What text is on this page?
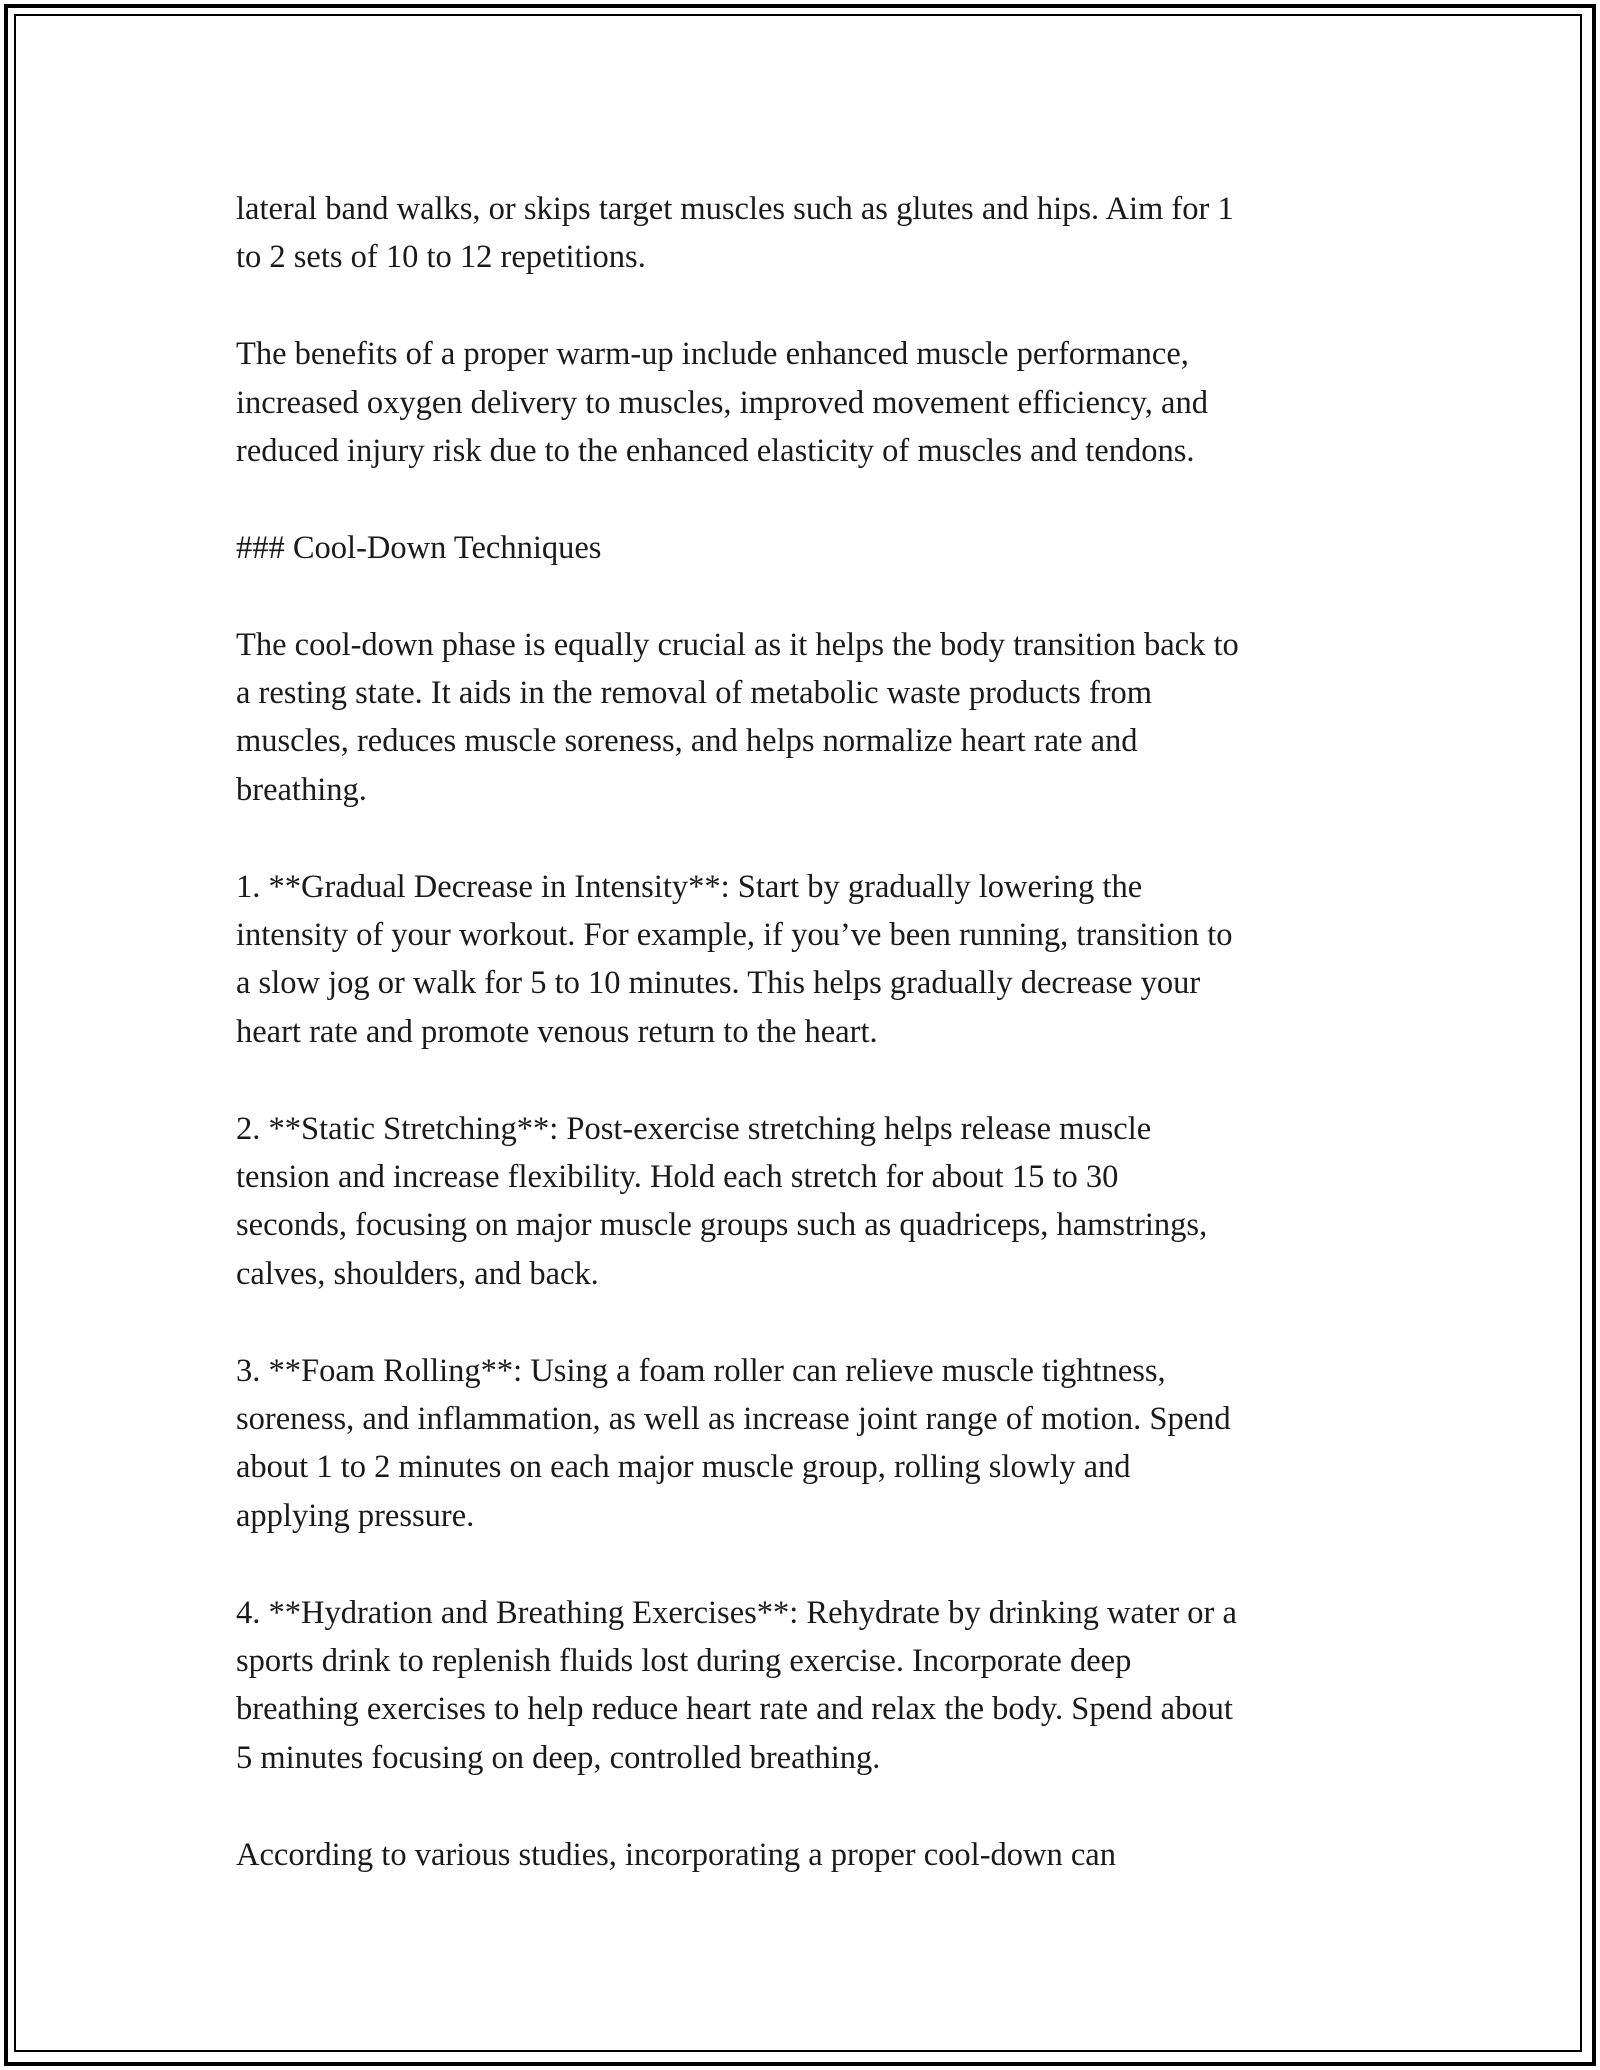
lateral band walks, or skips target muscles such as glutes and hips. Aim for 1
to 2 sets of 10 to 12 repetitions.

The benefits of a proper warm-up include enhanced muscle performance,
increased oxygen delivery to muscles, improved movement efficiency, and
reduced injury risk due to the enhanced elasticity of muscles and tendons.

### Cool-Down Techniques

The cool-down phase is equally crucial as it helps the body transition back to
a resting state. It aids in the removal of metabolic waste products from
muscles, reduces muscle soreness, and helps normalize heart rate and
breathing.

1. **Gradual Decrease in Intensity**: Start by gradually lowering the
intensity of your workout. For example, if you’ve been running, transition to
a slow jog or walk for 5 to 10 minutes. This helps gradually decrease your
heart rate and promote venous return to the heart.

2. **Static Stretching**: Post-exercise stretching helps release muscle
tension and increase flexibility. Hold each stretch for about 15 to 30
seconds, focusing on major muscle groups such as quadriceps, hamstrings,
calves, shoulders, and back.

3. **Foam Rolling**: Using a foam roller can relieve muscle tightness,
soreness, and inflammation, as well as increase joint range of motion. Spend
about 1 to 2 minutes on each major muscle group, rolling slowly and
applying pressure.

4. **Hydration and Breathing Exercises**: Rehydrate by drinking water or a
sports drink to replenish fluids lost during exercise. Incorporate deep
breathing exercises to help reduce heart rate and relax the body. Spend about
5 minutes focusing on deep, controlled breathing.

According to various studies, incorporating a proper cool-down can
